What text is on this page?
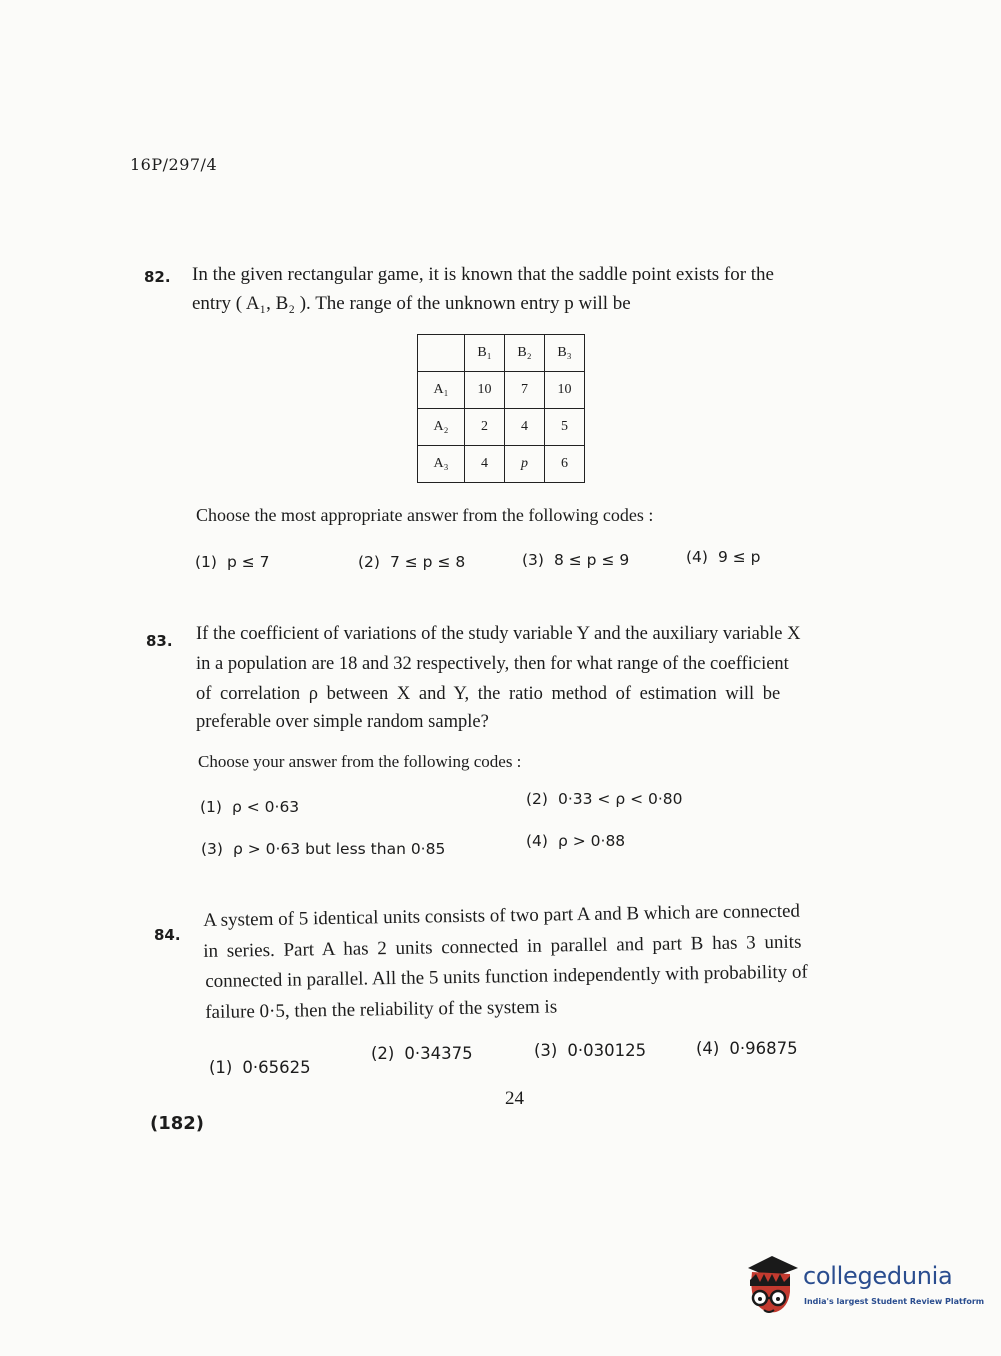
16P/297/4
82. In the given rectangular game, it is known that the saddle point exists for the
entry ( A₁, B₂ ). The range of the unknown entry p will be
	B₁	B₂	B₃
A₁	10	7	10
A₂	2	4	5
A₃	4	p	6
Choose the most appropriate answer from the following codes :
(1) p ≤ 7	(2) 7 ≤ p ≤ 8	(3) 8 ≤ p ≤ 9	(4) 9 ≤ p
83. If the coefficient of variations of the study variable Y and the auxiliary variable X
in a population are 18 and 32 respectively, then for what range of the coefficient
of correlation ρ between X and Y, the ratio method of estimation will be
preferable over simple random sample?
Choose your answer from the following codes :
(1) ρ < 0·63	(2) 0·33 < ρ < 0·80
(3) ρ > 0·63 but less than 0·85	(4) ρ > 0·88
84.
A system of 5 identical units consists of two part A and B which are connected
in series. Part A has 2 units connected in parallel and part B has 3 units
connected in parallel. All the 5 units function independently with probability of
failure 0·5, then the reliability of the system is
(1) 0·65625
(2) 0·34375	(3) 0·030125	(4) 0·96875
24
(182)
collegedunia
India's largest Student Review Platform
